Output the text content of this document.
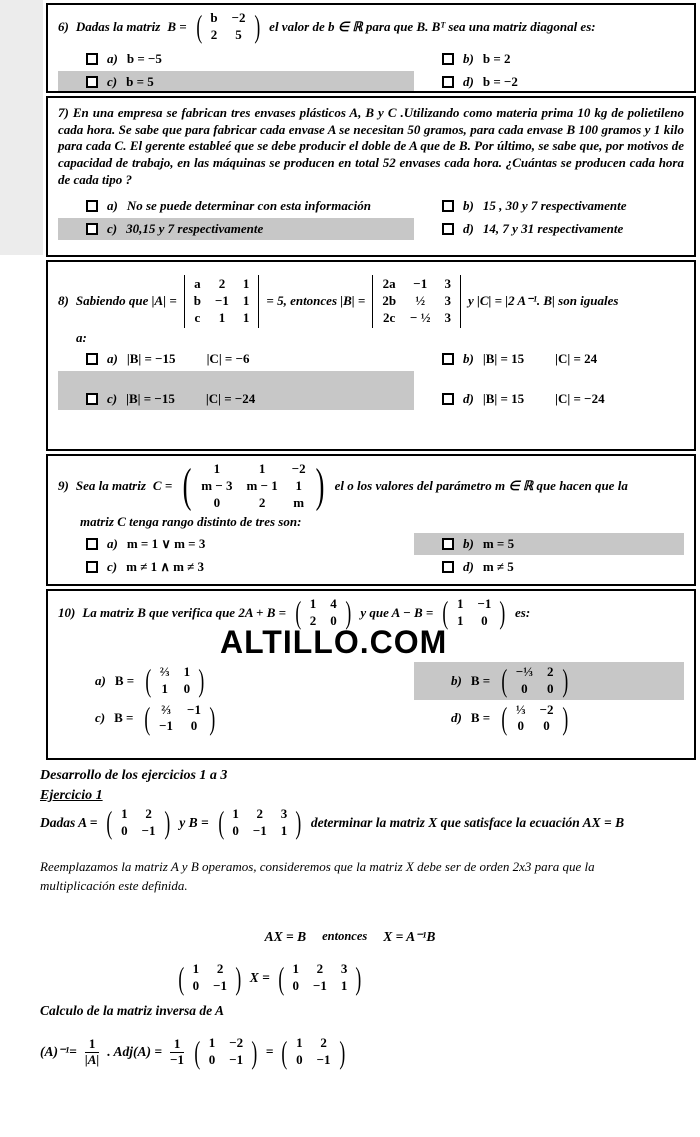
6) Dadas la matriz B = ( b	−2
2	5 ) el valor de b ∈ ℝ para que B. Bᵀ sea una matriz diagonal es:
a) b = −5	b) b = 2
c) b = 5	d) b = −2
7) En una empresa se fabrican tres envases plásticos A, B y C .Utilizando como materia prima 10 kg de polietileno cada hora. Se sabe que para fabricar cada envase A se necesitan 50 gramos, para cada envase B 100 gramos y 1 kilo para cada C. El gerente estableé que se debe producir el doble de A que de B. Por último, se sabe que, por motivos de capacidad de trabajo, en las máquinas se producen en total 52 envases cada hora. ¿Cuántas se producen cada hora de cada tipo ?
a) No se puede determinar con esta información	b) 15 , 30 y 7 respectivamente
c) 30,15 y 7 respectivamente	d) 14, 7 y 31 respectivamente
8) Sabiendo que |A| =
a	2	1
b	−1	1
c	1	1
= 5, entonces |B| =
2a	−1	3
2b	½	3
2c	− ½	3
y |C| = |2 A⁻¹. B| son iguales
a:
a) |B| = −15 |C| = −6	b) |B| = 15 |C| = 24
c) |B| = −15 |C| = −24	d) |B| = 15 |C| = −24
9) Sea la matriz C = (	1	1	−2
m − 3	m − 1	1
0	2	m ) el o los valores del parámetro m ∈ ℝ que hacen que la
matriz C tenga rango distinto de tres son:
a) m = 1 ∨ m = 3	b) m = 5
c) m ≠ 1 ∧ m ≠ 3	d) m ≠ 5
10) La matriz B que verifica que 2A + B = ( 1	4
2	0 ) y que A − B = ( 1	−1
1	0 ) es:
ALTILLO.COM
a) B = ( ⅔	1
1	0 )	b) B = ( −⅓	2
0	0 )
c) B = ( ⅔	−1
−1	0 )	d) B = ( ⅓	−2
0	0 )
Desarrollo de los ejercicios 1 a 3
Ejercicio 1
Dadas A = ( 1	2
0	−1 ) y B = ( 1	2	3
0	−1	1 ) determinar la matriz X que satisface la ecuación AX = B
Reemplazamos la matriz A y B operamos, consideremos que la matriz X debe ser de orden 2x3 para que la multiplicación este definida.
AX = B entonces X = A⁻¹B
( 1	2
0	−1 ) X = ( 1	2	3
0	−1	1 )
Calculo de la matriz inversa de A
$(A)^{-1}= \frac{1}{|A|}$ . $Adj(A) = \frac{1}{-1}$ ( 1	−2
0	−1 ) = ( 1	2
0	−1 )
